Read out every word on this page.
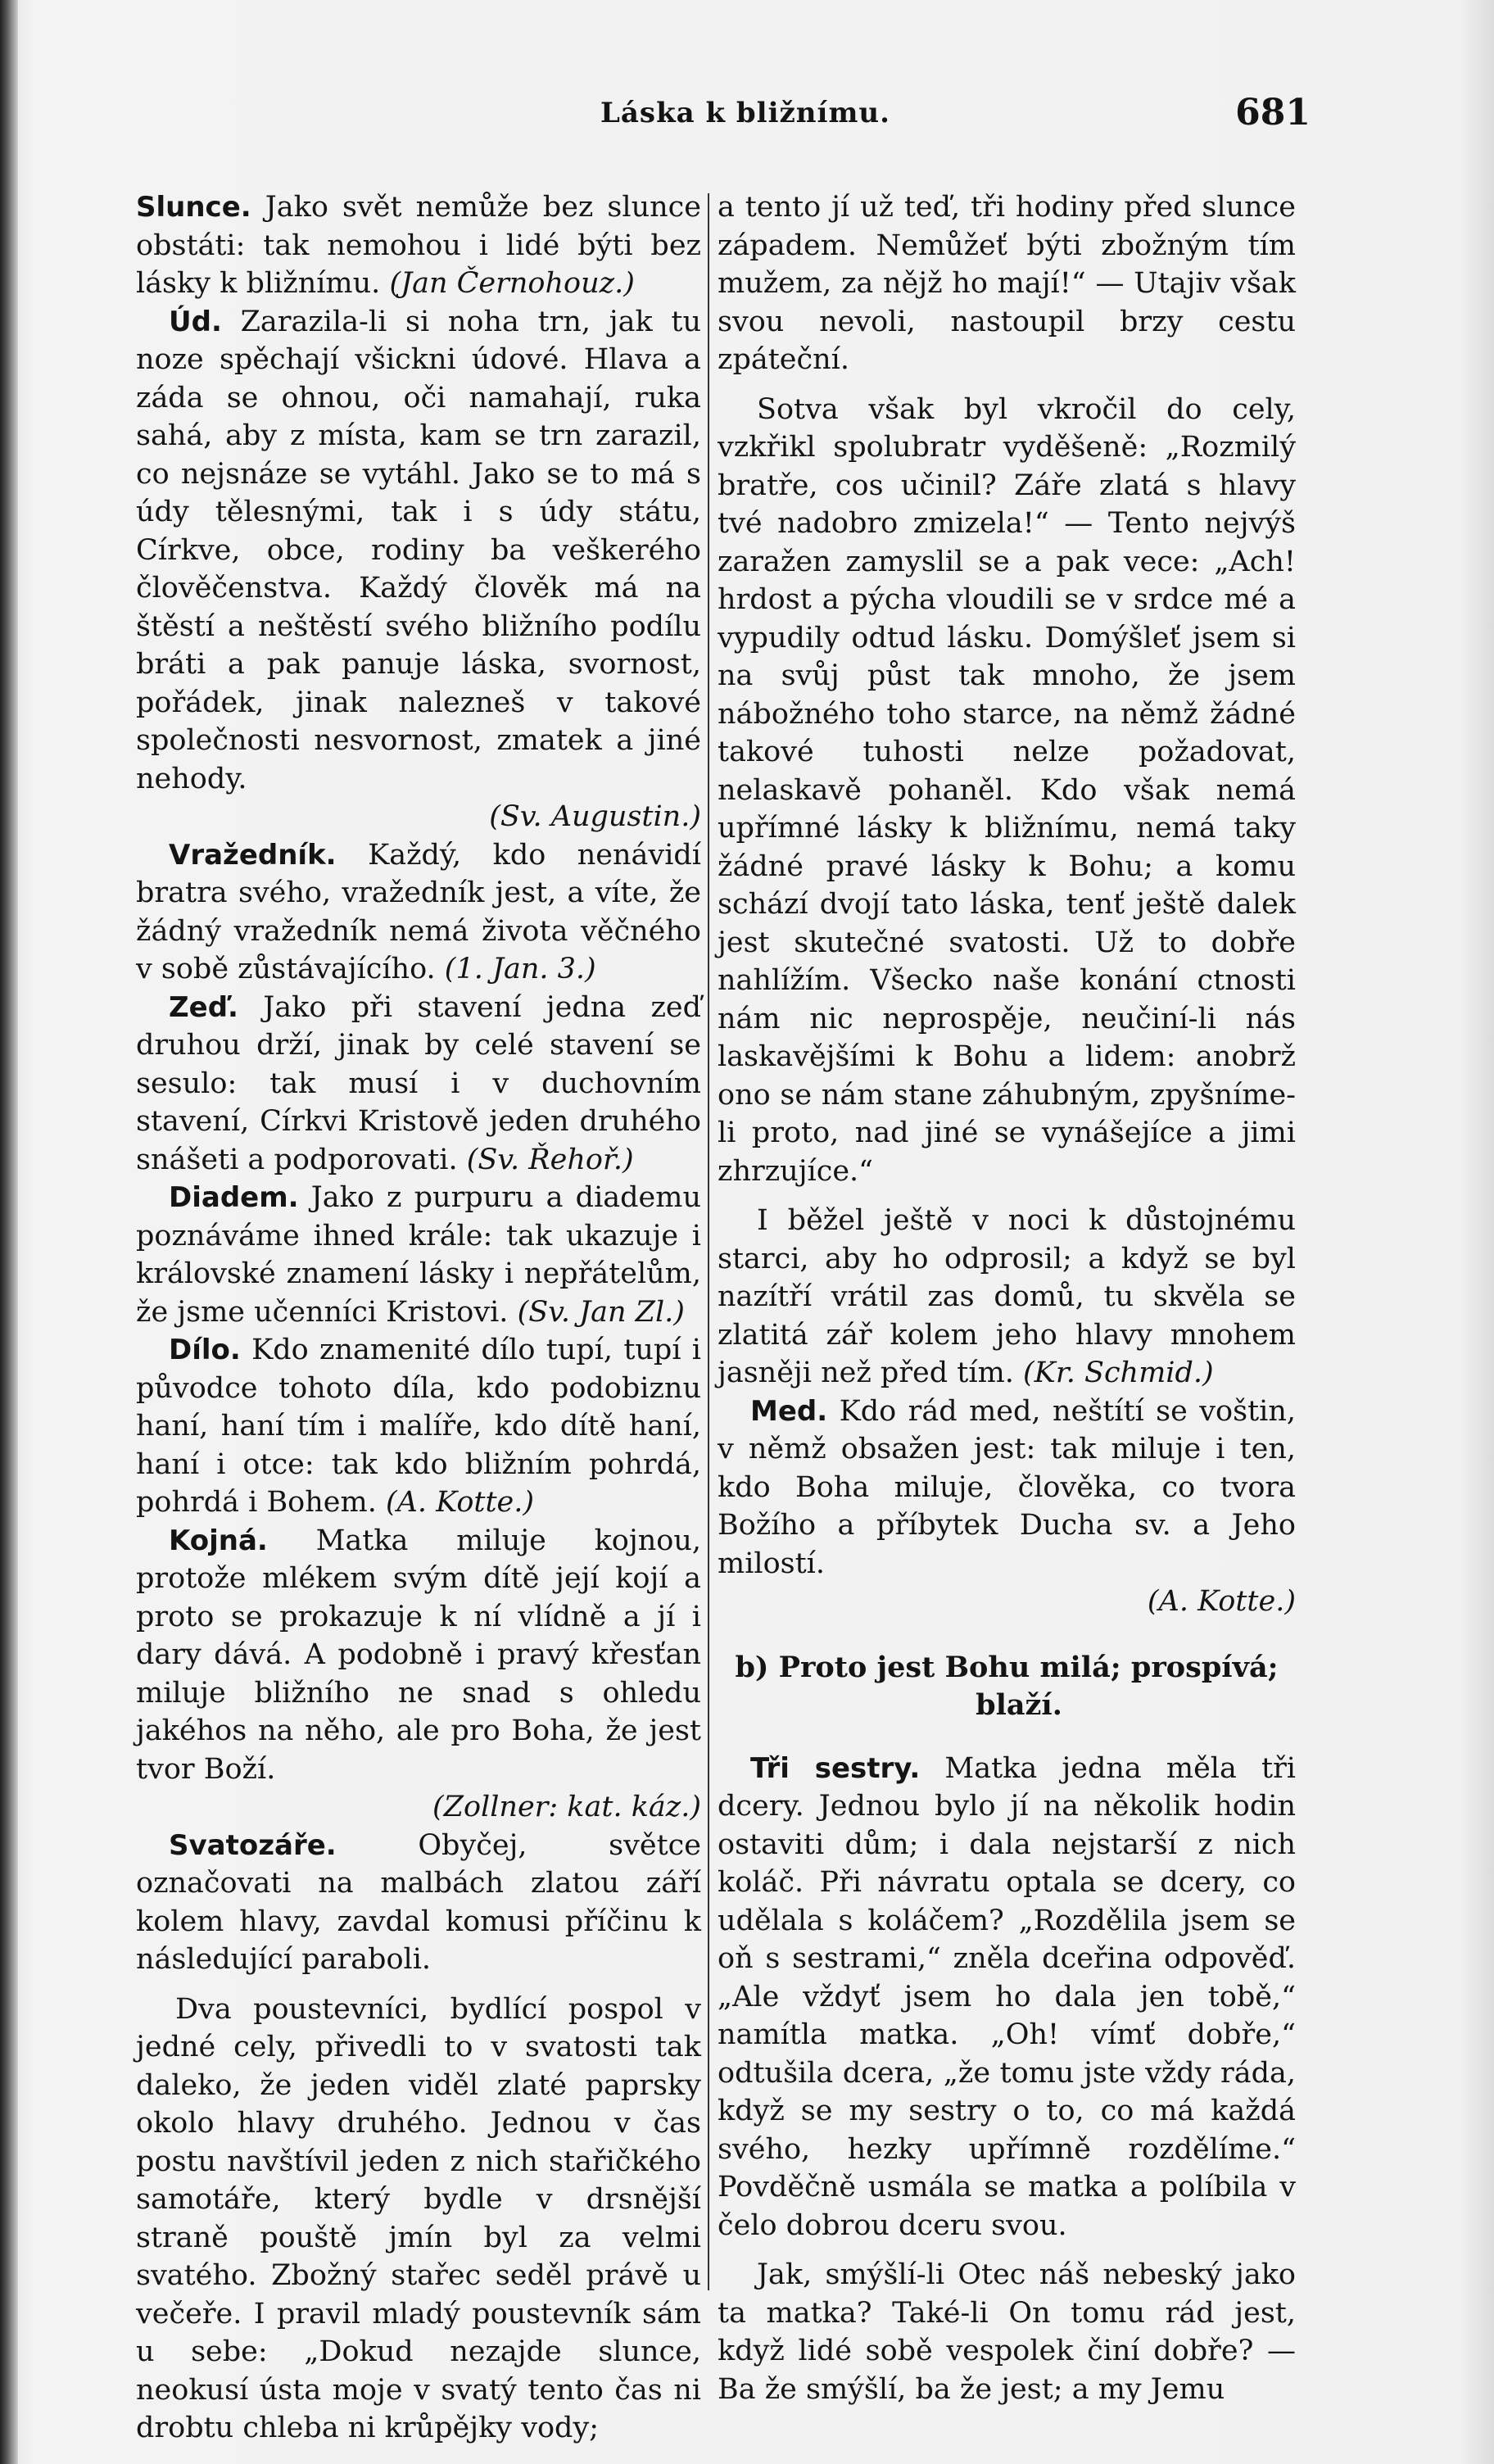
Láska k bližnímu.	681

Slunce. Jako svět nemůže bez slunce obstáti: tak nemohou i lidé býti bez lásky k bližnímu. (Jan Černohouz.)

Úd. Zarazila-li si noha trn, jak tu noze spěchají všickni údové. Hlava a záda se ohnou, oči namahají, ruka sahá, aby z místa, kam se trn zarazil, co nejsnáze se vytáhl. Jako se to má s údy tělesnými, tak i s údy státu, Církve, obce, rodiny ba veškerého člověčenstva. Každý člověk má na štěstí a neštěstí svého bližního podílu bráti a pak panuje láska, svornost, pořádek, jinak nalezneš v takové společnosti nesvornost, zmatek a jiné nehody.
(Sv. Augustin.)

Vražedník. Každý, kdo nenávidí bratra svého, vražedník jest, a víte, že žádný vražedník nemá života věčného v sobě zůstávajícího. (1. Jan. 3.)

Zeď. Jako při stavení jedna zeď druhou drží, jinak by celé stavení se sesulo: tak musí i v duchovním stavení, Církvi Kristově jeden druhého snášeti a podporovati. (Sv. Řehoř.)

Diadem. Jako z purpuru a diademu poznáváme ihned krále: tak ukazuje i královské znamení lásky i nepřátelům, že jsme učenníci Kristovi. (Sv. Jan Zl.)

Dílo. Kdo znamenité dílo tupí, tupí i původce tohoto díla, kdo podobiznu haní, haní tím i malíře, kdo dítě haní, haní i otce: tak kdo bližním pohrdá, pohrdá i Bohem. (A. Kotte.)

Kojná. Matka miluje kojnou, protože mlékem svým dítě její kojí a proto se prokazuje k ní vlídně a jí i dary dává. A podobně i pravý křesťan miluje bližního ne snad s ohledu jakéhos na něho, ale pro Boha, že jest tvor Boží.
(Zollner: kat. káz.)

Svatozáře. Obyčej, světce označovati na malbách zlatou září kolem hlavy, zavdal komusi příčinu k následující paraboli.

Dva poustevníci, bydlící pospol v jedné cely, přivedli to v svatosti tak daleko, že jeden viděl zlaté paprsky okolo hlavy druhého. Jednou v čas postu navštívil jeden z nich stařičkého samotáře, který bydle v drsnější straně pouště jmín byl za velmi svatého. Zbožný stařec seděl právě u večeře. I pravil mladý poustevník sám u sebe: „Dokud nezajde slunce, neokusí ústa moje v svatý tento čas ni drobtu chleba ni krůpějky vody;

a tento jí už teď, tři hodiny před slunce západem. Nemůžeť býti zbožným tím mužem, za nějž ho mají!“ — Utajiv však svou nevoli, nastoupil brzy cestu zpáteční.

Sotva však byl vkročil do cely, vzkřikl spolubratr vyděšeně: „Rozmilý bratře, cos učinil? Záře zlatá s hlavy tvé nadobro zmizela!“ — Tento nejvýš zaražen zamyslil se a pak vece: „Ach! hrdost a pýcha vloudili se v srdce mé a vypudily odtud lásku. Domýšleť jsem si na svůj půst tak mnoho, že jsem nábožného toho starce, na němž žádné takové tuhosti nelze požadovat, nelaskavě pohaněl. Kdo však nemá upřímné lásky k bližnímu, nemá taky žádné pravé lásky k Bohu; a komu schází dvojí tato láska, tenť ještě dalek jest skutečné svatosti. Už to dobře nahlížím. Všecko naše konání ctnosti nám nic neprospěje, neučiní-li nás laskavějšími k Bohu a lidem: anobrž ono se nám stane záhubným, zpyšníme-li proto, nad jiné se vynášejíce a jimi zhrzujíce.“

I běžel ještě v noci k důstojnému starci, aby ho odprosil; a když se byl nazítří vrátil zas domů, tu skvěla se zlatitá zář kolem jeho hlavy mnohem jasněji než před tím. (Kr. Schmid.)

Med. Kdo rád med, neštítí se voštin, v němž obsažen jest: tak miluje i ten, kdo Boha miluje, člověka, co tvora Božího a příbytek Ducha sv. a Jeho milostí.
(A. Kotte.)

b) Proto jest Bohu milá; prospívá; blaží.

Tři sestry. Matka jedna měla tři dcery. Jednou bylo jí na několik hodin ostaviti dům; i dala nejstarší z nich koláč. Při návratu optala se dcery, co udělala s koláčem? „Rozdělila jsem se oň s sestrami,“ zněla dceřina odpověď. „Ale vždyť jsem ho dala jen tobě,“ namítla matka. „Oh! vímť dobře,“ odtušila dcera, „že tomu jste vždy ráda, když se my sestry o to, co má každá svého, hezky upřímně rozdělíme.“ Povděčně usmála se matka a políbila v čelo dobrou dceru svou.

Jak, smýšlí-li Otec náš nebeský jako ta matka? Také-li On tomu rád jest, když lidé sobě vespolek činí dobře? — Ba že smýšlí, ba že jest; a my Jemu
